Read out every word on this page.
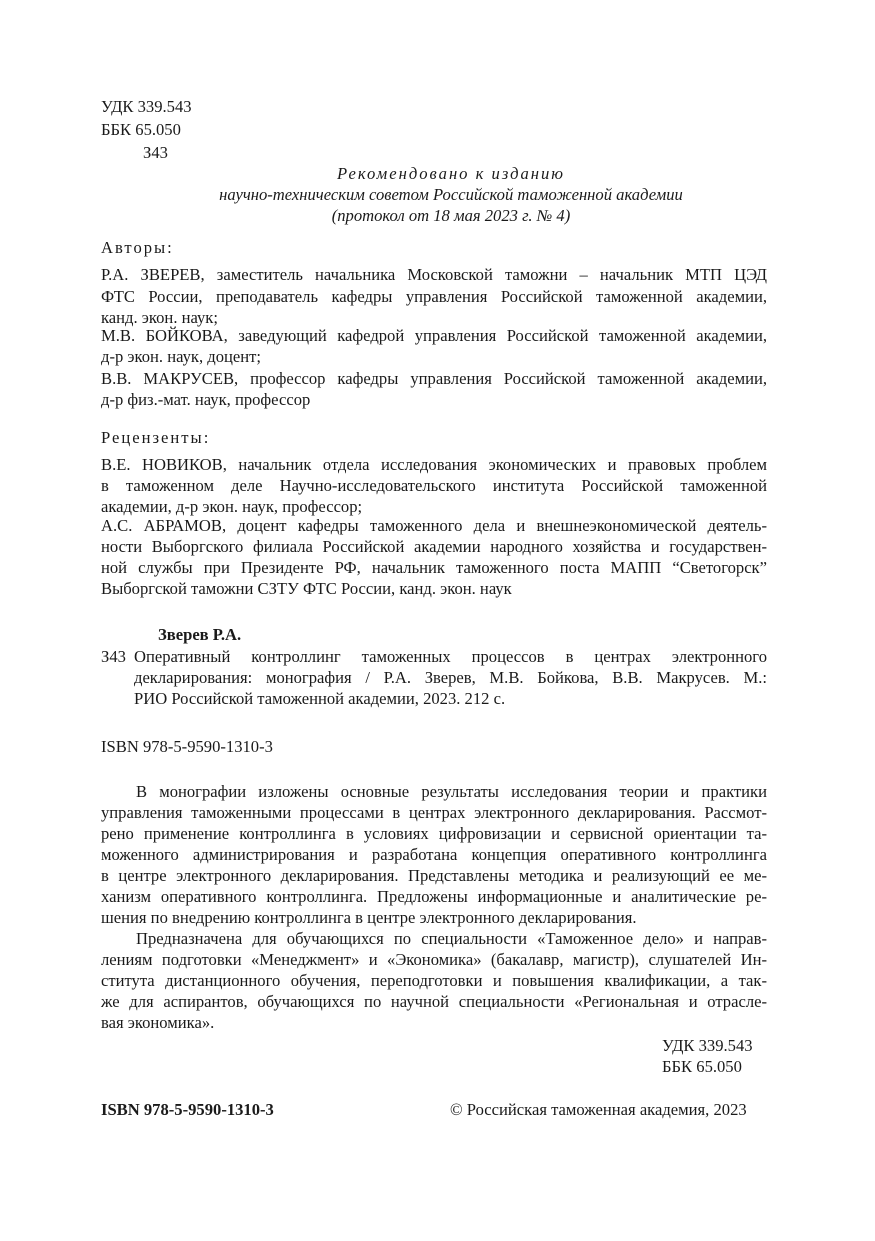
УДК 339.543
ББК 65.050
З43
Рекомендовано к изданию
научно-техническим советом Российской таможенной академии
(протокол от 18 мая 2023 г. № 4)
Авторы:
Р.А. ЗВЕРЕВ, заместитель начальника Московской таможни – начальник МТП ЦЭД
ФТС России, преподаватель кафедры управления Российской таможенной академии,
канд. экон. наук;
М.В. БОЙКОВА, заведующий кафедрой управления Российской таможенной академии,
д-р экон. наук, доцент;
В.В. МАКРУСЕВ, профессор кафедры управления Российской таможенной академии,
д-р физ.-мат. наук, профессор
Рецензенты:
В.Е. НОВИКОВ, начальник отдела исследования экономических и правовых проблем
в таможенном деле Научно-исследовательского института Российской таможенной
академии, д-р экон. наук, профессор;
А.С. АБРАМОВ, доцент кафедры таможенного дела и внешнеэкономической деятель-
ности Выборгского филиала Российской академии народного хозяйства и государствен-
ной службы при Президенте РФ, начальник таможенного поста МАПП “Светогорск”
Выборгской таможни СЗТУ ФТС России, канд. экон. наук
Зверев Р.А.
З43 Оперативный контроллинг таможенных процессов в центрах электронного
декларирования: монография / Р.А. Зверев, М.В. Бойкова, В.В. Макрусев. М.:
РИО Российской таможенной академии, 2023. 212 с.
ISBN 978-5-9590-1310-3
В монографии изложены основные результаты исследования теории и практики
управления таможенными процессами в центрах электронного декларирования. Рассмот-
рено применение контроллинга в условиях цифровизации и сервисной ориентации та-
моженного администрирования и разработана концепция оперативного контроллинга
в центре электронного декларирования. Представлены методика и реализующий ее ме-
ханизм оперативного контроллинга. Предложены информационные и аналитические ре-
шения по внедрению контроллинга в центре электронного декларирования.
Предназначена для обучающихся по специальности «Таможенное дело» и направ-
лениям подготовки «Менеджмент» и «Экономика» (бакалавр, магистр), слушателей Ин-
ститута дистанционного обучения, переподготовки и повышения квалификации, а так-
же для аспирантов, обучающихся по научной специальности «Региональная и отрасле-
вая экономика».
УДК 339.543
ББК 65.050
ISBN 978-5-9590-1310-3	© Российская таможенная академия, 2023
